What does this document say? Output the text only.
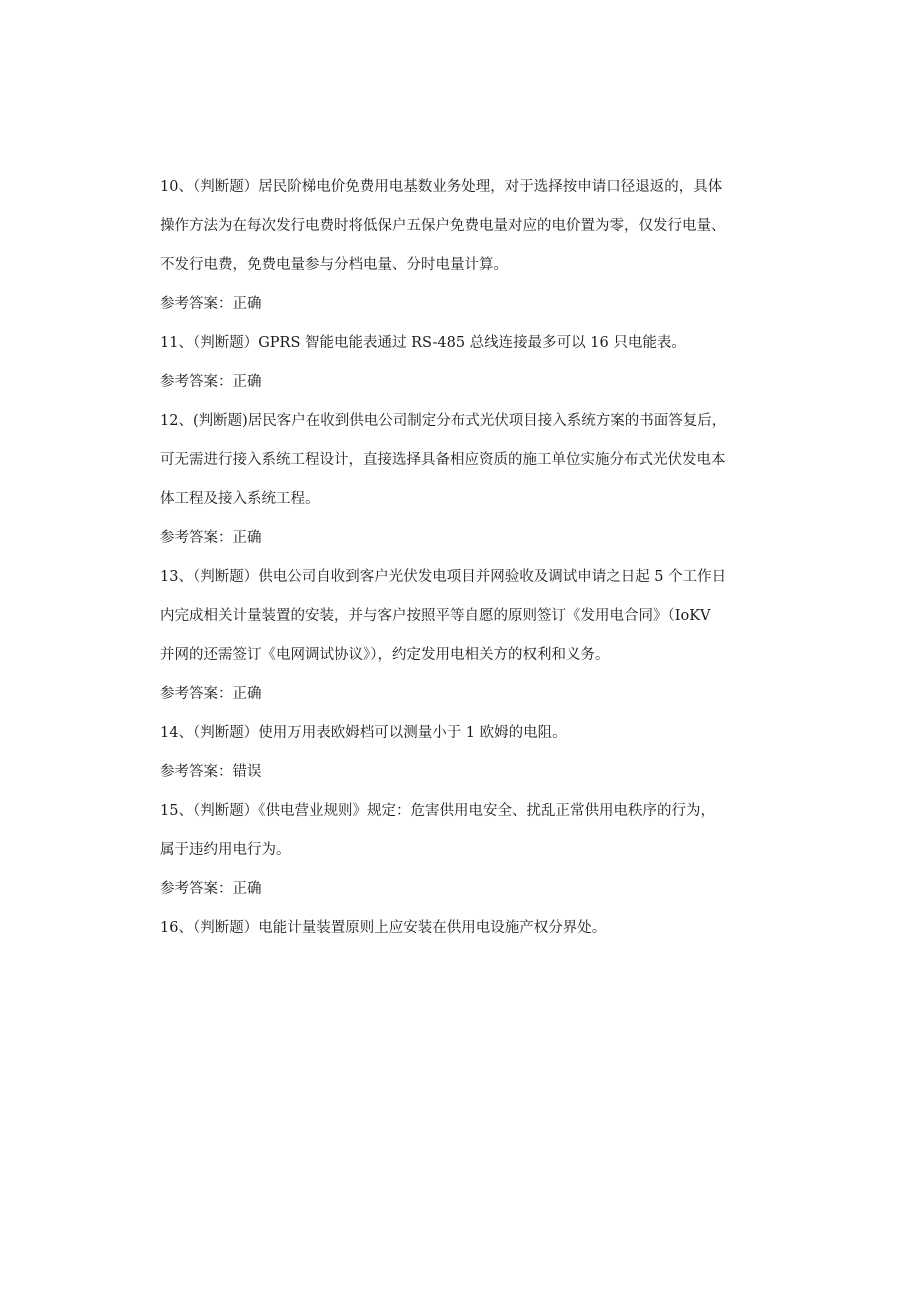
10、（判断题）居民阶梯电价免费用电基数业务处理，对于选择按申请口径退返的，具体
操作方法为在每次发行电费时将低保户五保户免费电量对应的电价置为零，仅发行电量、
不发行电费，免费电量参与分档电量、分时电量计算。

参考答案：正确

11、（判断题）GPRS 智能电能表通过 RS-485 总线连接最多可以 16 只电能表。

参考答案：正确

12、(判断题)居民客户在收到供电公司制定分布式光伏项目接入系统方案的书面答复后，
可无需进行接入系统工程设计，直接选择具备相应资质的施工单位实施分布式光伏发电本
体工程及接入系统工程。

参考答案：正确

13、（判断题）供电公司自收到客户光伏发电项目并网验收及调试申请之日起 5 个工作日
内完成相关计量装置的安装，并与客户按照平等自愿的原则签订《发用电合同》（IoKV
并网的还需签订《电网调试协议》），约定发用电相关方的权利和义务。

参考答案：正确

14、（判断题）使用万用表欧姆档可以测量小于 1 欧姆的电阻。

参考答案：错误

15、（判断题）《供电营业规则》规定：危害供用电安全、扰乱正常供用电秩序的行为，
属于违约用电行为。

参考答案：正确

16、（判断题）电能计量装置原则上应安装在供用电设施产权分界处。
